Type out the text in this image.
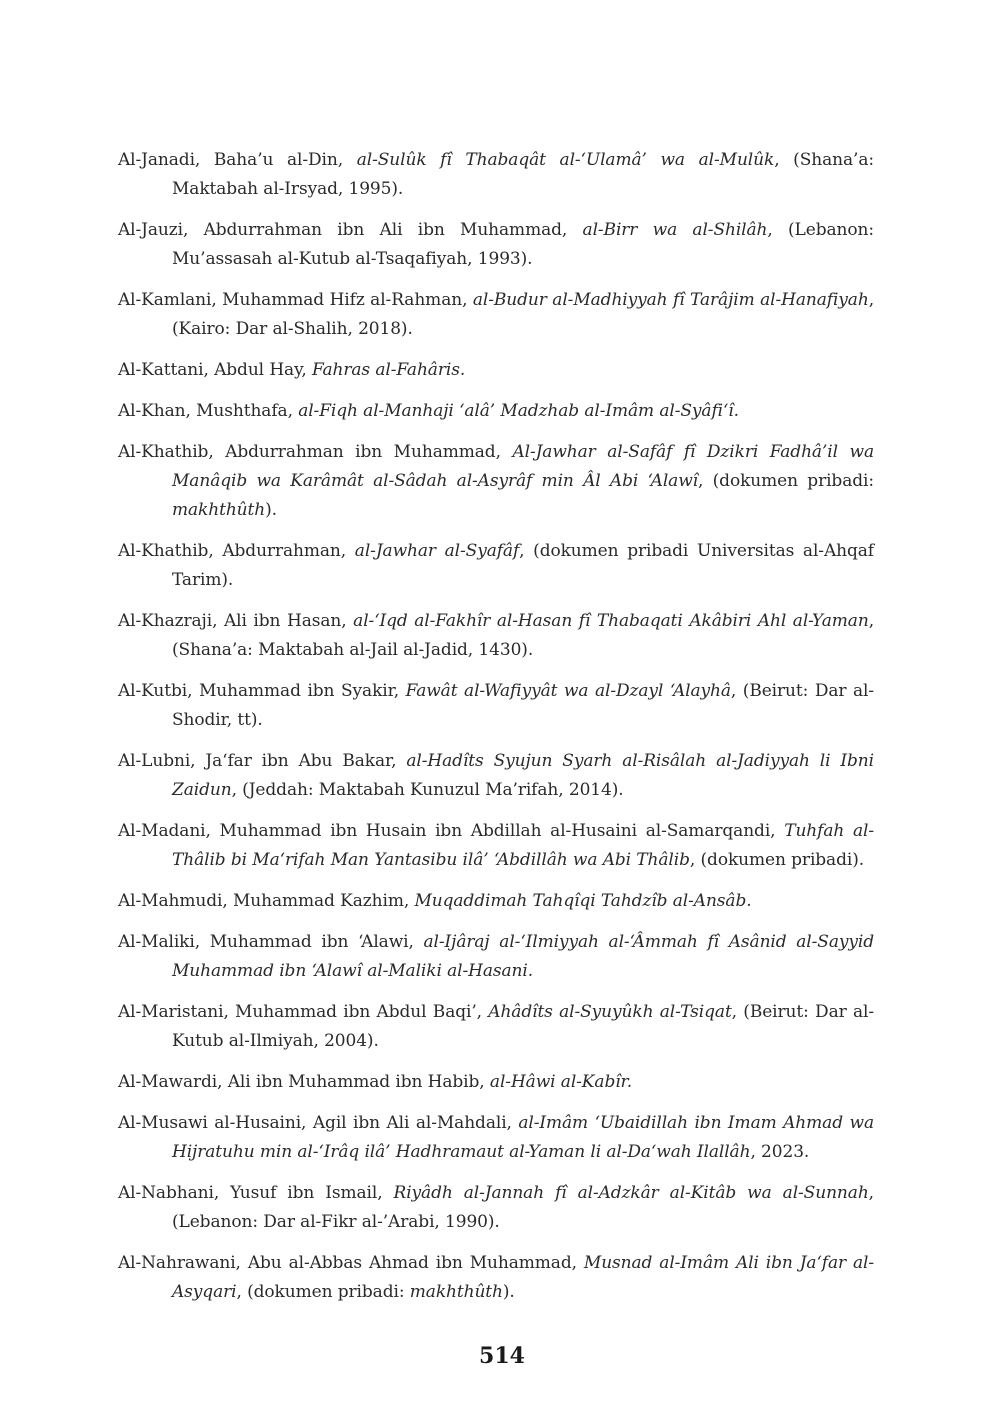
Al-Janadi, Baha’u al-Din, al-Sulûk fî Thabaqât al-‘Ulamâ’ wa al-Mulûk, (Shana’a: Maktabah al-Irsyad, 1995).

Al-Jauzi, Abdurrahman ibn Ali ibn Muhammad, al-Birr wa al-Shilâh, (Lebanon: Mu’assasah al-Kutub al-Tsaqafiyah, 1993).

Al-Kamlani, Muhammad Hifz al-Rahman, al-Budur al-Madhiyyah fî Tarâjim al-Hanafiyah, (Kairo: Dar al-Shalih, 2018).

Al-Kattani, Abdul Hay, Fahras al-Fahâris.

Al-Khan, Mushthafa, al-Fiqh al-Manhaji ‘alâ’ Madzhab al-Imâm al-Syâfi‘î.

Al-Khathib, Abdurrahman ibn Muhammad, Al-Jawhar al-Safâf fî Dzikri Fadhâ’il wa Manâqib wa Karâmât al-Sâdah al-Asyrâf min Âl Abi ‘Alawî, (dokumen pribadi: makhthûth).

Al-Khathib, Abdurrahman, al-Jawhar al-Syafâf, (dokumen pribadi Universitas al-Ahqaf Tarim).

Al-Khazraji, Ali ibn Hasan, al-‘Iqd al-Fakhîr al-Hasan fî Thabaqati Akâbiri Ahl al-Yaman, (Shana’a: Maktabah al-Jail al-Jadid, 1430).

Al-Kutbi, Muhammad ibn Syakir, Fawât al-Wafiyyât wa al-Dzayl ‘Alayhâ, (Beirut: Dar al-Shodir, tt).

Al-Lubni, Ja‘far ibn Abu Bakar, al-Hadîts Syujun Syarh al-Risâlah al-Jadiyyah li Ibni Zaidun, (Jeddah: Maktabah Kunuzul Ma’rifah, 2014).

Al-Madani, Muhammad ibn Husain ibn Abdillah al-Husaini al-Samarqandi, Tuhfah al-Thâlib bi Ma‘rifah Man Yantasibu ilâ’ ‘Abdillâh wa Abi Thâlib, (dokumen pribadi).

Al-Mahmudi, Muhammad Kazhim, Muqaddimah Tahqîqi Tahdzîb al-Ansâb.

Al-Maliki, Muhammad ibn ‘Alawi, al-Ijâraj al-‘Ilmiyyah al-‘Âmmah fî Asânid al-Sayyid Muhammad ibn ‘Alawî al-Maliki al-Hasani.

Al-Maristani, Muhammad ibn Abdul Baqi’, Ahâdîts al-Syuyûkh al-Tsiqat, (Beirut: Dar al-Kutub al-Ilmiyah, 2004).

Al-Mawardi, Ali ibn Muhammad ibn Habib, al-Hâwi al-Kabîr.

Al-Musawi al-Husaini, Agil ibn Ali al-Mahdali, al-Imâm ‘Ubaidillah ibn Imam Ahmad wa Hijratuhu min al-‘Irâq ilâ’ Hadhramaut al-Yaman li al-Da‘wah Ilallâh, 2023.

Al-Nabhani, Yusuf ibn Ismail, Riyâdh al-Jannah fî al-Adzkâr al-Kitâb wa al-Sunnah, (Lebanon: Dar al-Fikr al-’Arabi, 1990).

Al-Nahrawani, Abu al-Abbas Ahmad ibn Muhammad, Musnad al-Imâm Ali ibn Ja‘far al-Asyqari, (dokumen pribadi: makhthûth).

514
